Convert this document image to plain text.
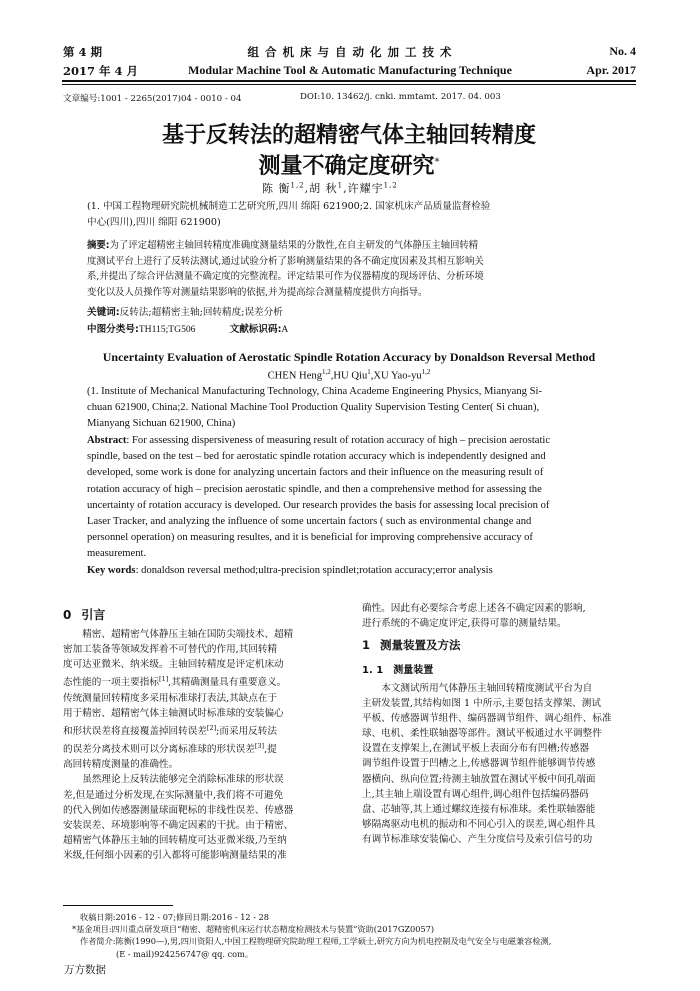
第 4 期
2017 年 4 月
组 合 机 床 与 自 动 化 加 工 技 术
Modular Machine Tool & Automatic Manufacturing Technique
No. 4
Apr. 2017
文章编号:1001 - 2265(2017)04 - 0010 - 04	DOI:10. 13462/j. cnki. mmtamt. 2017. 04. 003
基于反转法的超精密气体主轴回转精度
测量不确定度研究*
陈 衡$^{1,2}$,胡 秋$^1$,许耀宇$^{1,2}$
(1. 中国工程物理研究院机械制造工艺研究所,四川 绵阳 621900;2. 国家机床产品质量监督检验
中心(四川),四川 绵阳 621900)
摘要:为了评定超精密主轴回转精度准确度测量结果的分散性,在自主研发的气体静压主轴回转精
度测试平台上进行了反转法测试,通过试验分析了影响测量结果的各不确定度因素及其相互影响关
系,并提出了综合评估测量不确定度的完整流程。评定结果可作为仪器精度的现场评估、分析环境
变化以及人员操作等对测量结果影响的依据,并为提高综合测量精度提供方向指导。
关键词:反转法;超精密主轴;回转精度;误差分析
中图分类号:TH115;TG506	文献标识码:A
Uncertainty Evaluation of Aerostatic Spindle Rotation Accuracy by Donaldson Reversal Method
CHEN Heng$^{1,2}$,HU Qiu$^1$,XU Yao-yu$^{1,2}$
(1. Institute of Mechanical Manufacturing Technology, China Academe Engineering Physics, Mianyang Si-
chuan 621900, China;2. National Machine Tool Production Quality Supervision Testing Center( Si chuan),
Mianyang Sichuan 621900, China)
Abstract: For assessing dispersiveness of measuring result of rotation accuracy of high – precision aerostatic
spindle, based on the test – bed for aerostatic spindle rotation accuracy which is independently designed and
developed, some work is done for analyzing uncertain factors and their influence on the measuring result of
rotation accuracy of high – precision aerostatic spindle, and then a comprehensive method for assessing the
uncertainty of rotation accuracy is developed. Our research provides the basis for assessing local precision of
Laser Tracker, and analyzing the influence of some uncertain factors ( such as environmental change and
personnel operation) on measuring resultes, and it is beneficial for improving comprehensive accuracy of
measurement.
Key words: donaldson reversal method;ultra-precision spindlet;rotation accuracy;error analysis
0 引言
精密、超精密气体静压主轴在国防尖端技术、超精
密加工装备等领域发挥着不可替代的作用,其回转精
度可达亚微米、纳米级。主轴回转精度是评定机床动
态性能的一项主要指标[1],其精确测量具有重要意义。
传统测量回转精度多采用标准球打表法,其缺点在于
用于精密、超精密气体主轴测试时标准球的安装偏心
和形状误差将直接覆盖掉回转误差[2];而采用反转法
的误差分离技术则可以分离标准球的形状误差[3],提
高回转精度测量的准确性。
虽然理论上反转法能够完全消除标准球的形状误
差,但是通过分析发现,在实际测量中,我们将不可避免
的代入例如传感器测量球面靶标的非线性误差、传感器
安装误差、环境影响等不确定因素的干扰。由于精密、
超精密气体静压主轴的回转精度可达亚微米级,乃至纳
米级,任何细小因素的引入都将可能影响测量结果的准
确性。因此有必要综合考虑上述各不确定因素的影响,
进行系统的不确定度评定,获得可靠的测量结果。
1 测量装置及方法
1. 1 测量装置
本文测试所用气体静压主轴回转精度测试平台为自
主研发装置,其结构如图 1 中所示,主要包括支撑架、测试
平板、传感器调节组件、编码器调节组件、调心组件、标准
球、电机、柔性联轴器等部件。测试平板通过水平调整件
设置在支撑架上,在测试平板上表面分布有凹槽;传感器
调节组件设置于凹槽之上,传感器调节组件能够调节传感
器横向、纵向位置;待测主轴放置在测试平板中间孔端面
上,其主轴上端设置有调心组件,调心组件包括编码器码
盘、芯轴等,其上通过螺纹连接有标准球。柔性联轴器能
够隔离驱动电机的振动和不同心引入的误差,调心组件具
有调节标准球安装偏心、产生分度信号及索引信号的功
收稿日期:2016 - 12 - 07;修回日期:2016 - 12 - 28
*基金项目:四川重点研发项目“精密、超精密机床运行状态精度检测技术与装置”资助(2017GZ0057)
作者简介:陈衡(1990—),男,四川资阳人,中国工程物理研究院助理工程师,工学硕士,研究方向为机电控制及电气安全与电磁兼容检测,
(E - mail)924256747@ qq. com。
万方数据
